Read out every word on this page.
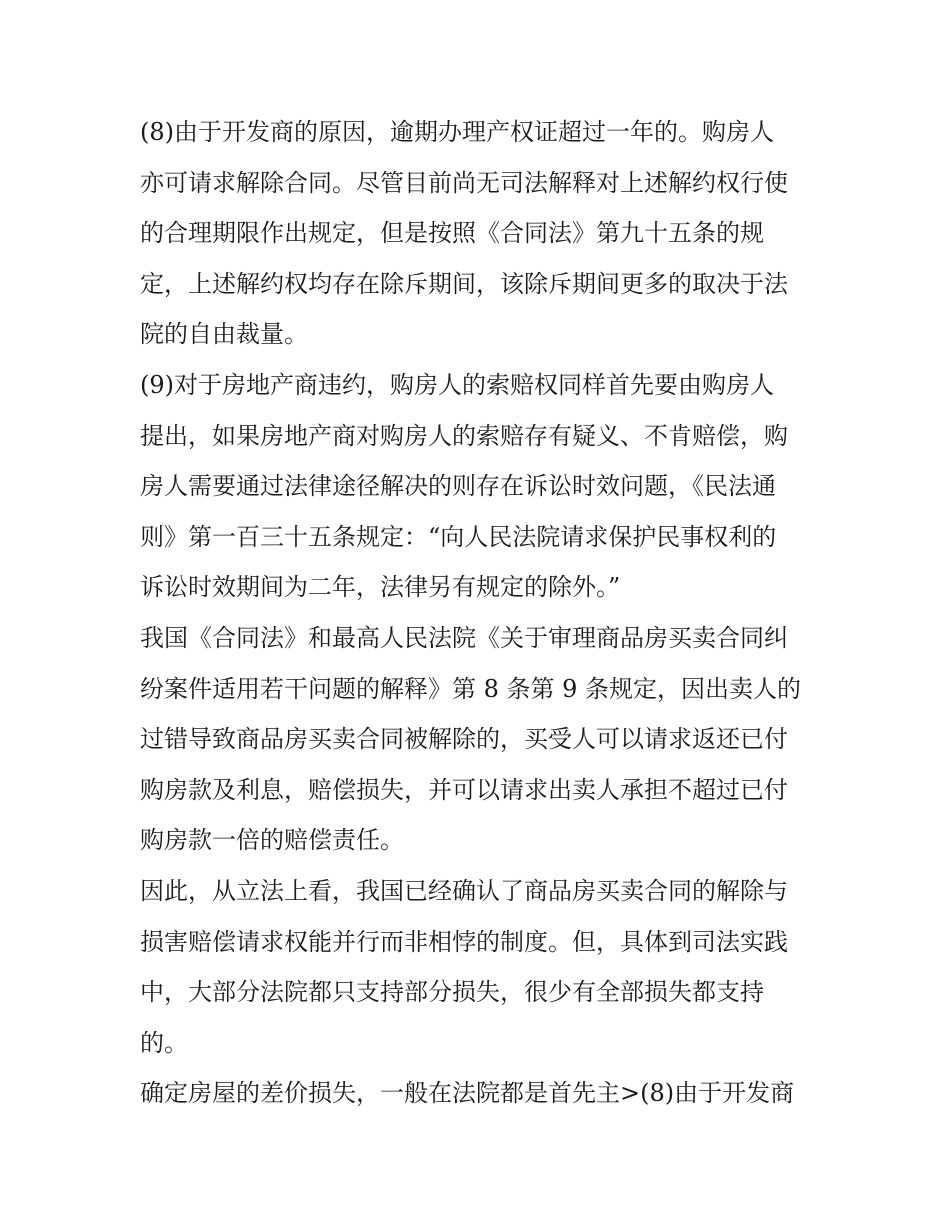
(8)由于开发商的原因，逾期办理产权证超过一年的。购房人
亦可请求解除合同。尽管目前尚无司法解释对上述解约权行使
的合理期限作出规定，但是按照《合同法》第九十五条的规
定，上述解约权均存在除斥期间，该除斥期间更多的取决于法
院的自由裁量。
(9)对于房地产商违约，购房人的索赔权同样首先要由购房人
提出，如果房地产商对购房人的索赔存有疑义、不肯赔偿，购
房人需要通过法律途径解决的则存在诉讼时效问题，《民法通
则》第一百三十五条规定：“向人民法院请求保护民事权利的
诉讼时效期间为二年，法律另有规定的除外。”
我国《合同法》和最高人民法院《关于审理商品房买卖合同纠
纷案件适用若干问题的解释》第 8 条第 9 条规定，因出卖人的
过错导致商品房买卖合同被解除的，买受人可以请求返还已付
购房款及利息，赔偿损失，并可以请求出卖人承担不超过已付
购房款一倍的赔偿责任。
因此，从立法上看，我国已经确认了商品房买卖合同的解除与
损害赔偿请求权能并行而非相悖的制度。但，具体到司法实践
中，大部分法院都只支持部分损失，很少有全部损失都支持
的。
确定房屋的差价损失，一般在法院都是首先主>(8)由于开发商
